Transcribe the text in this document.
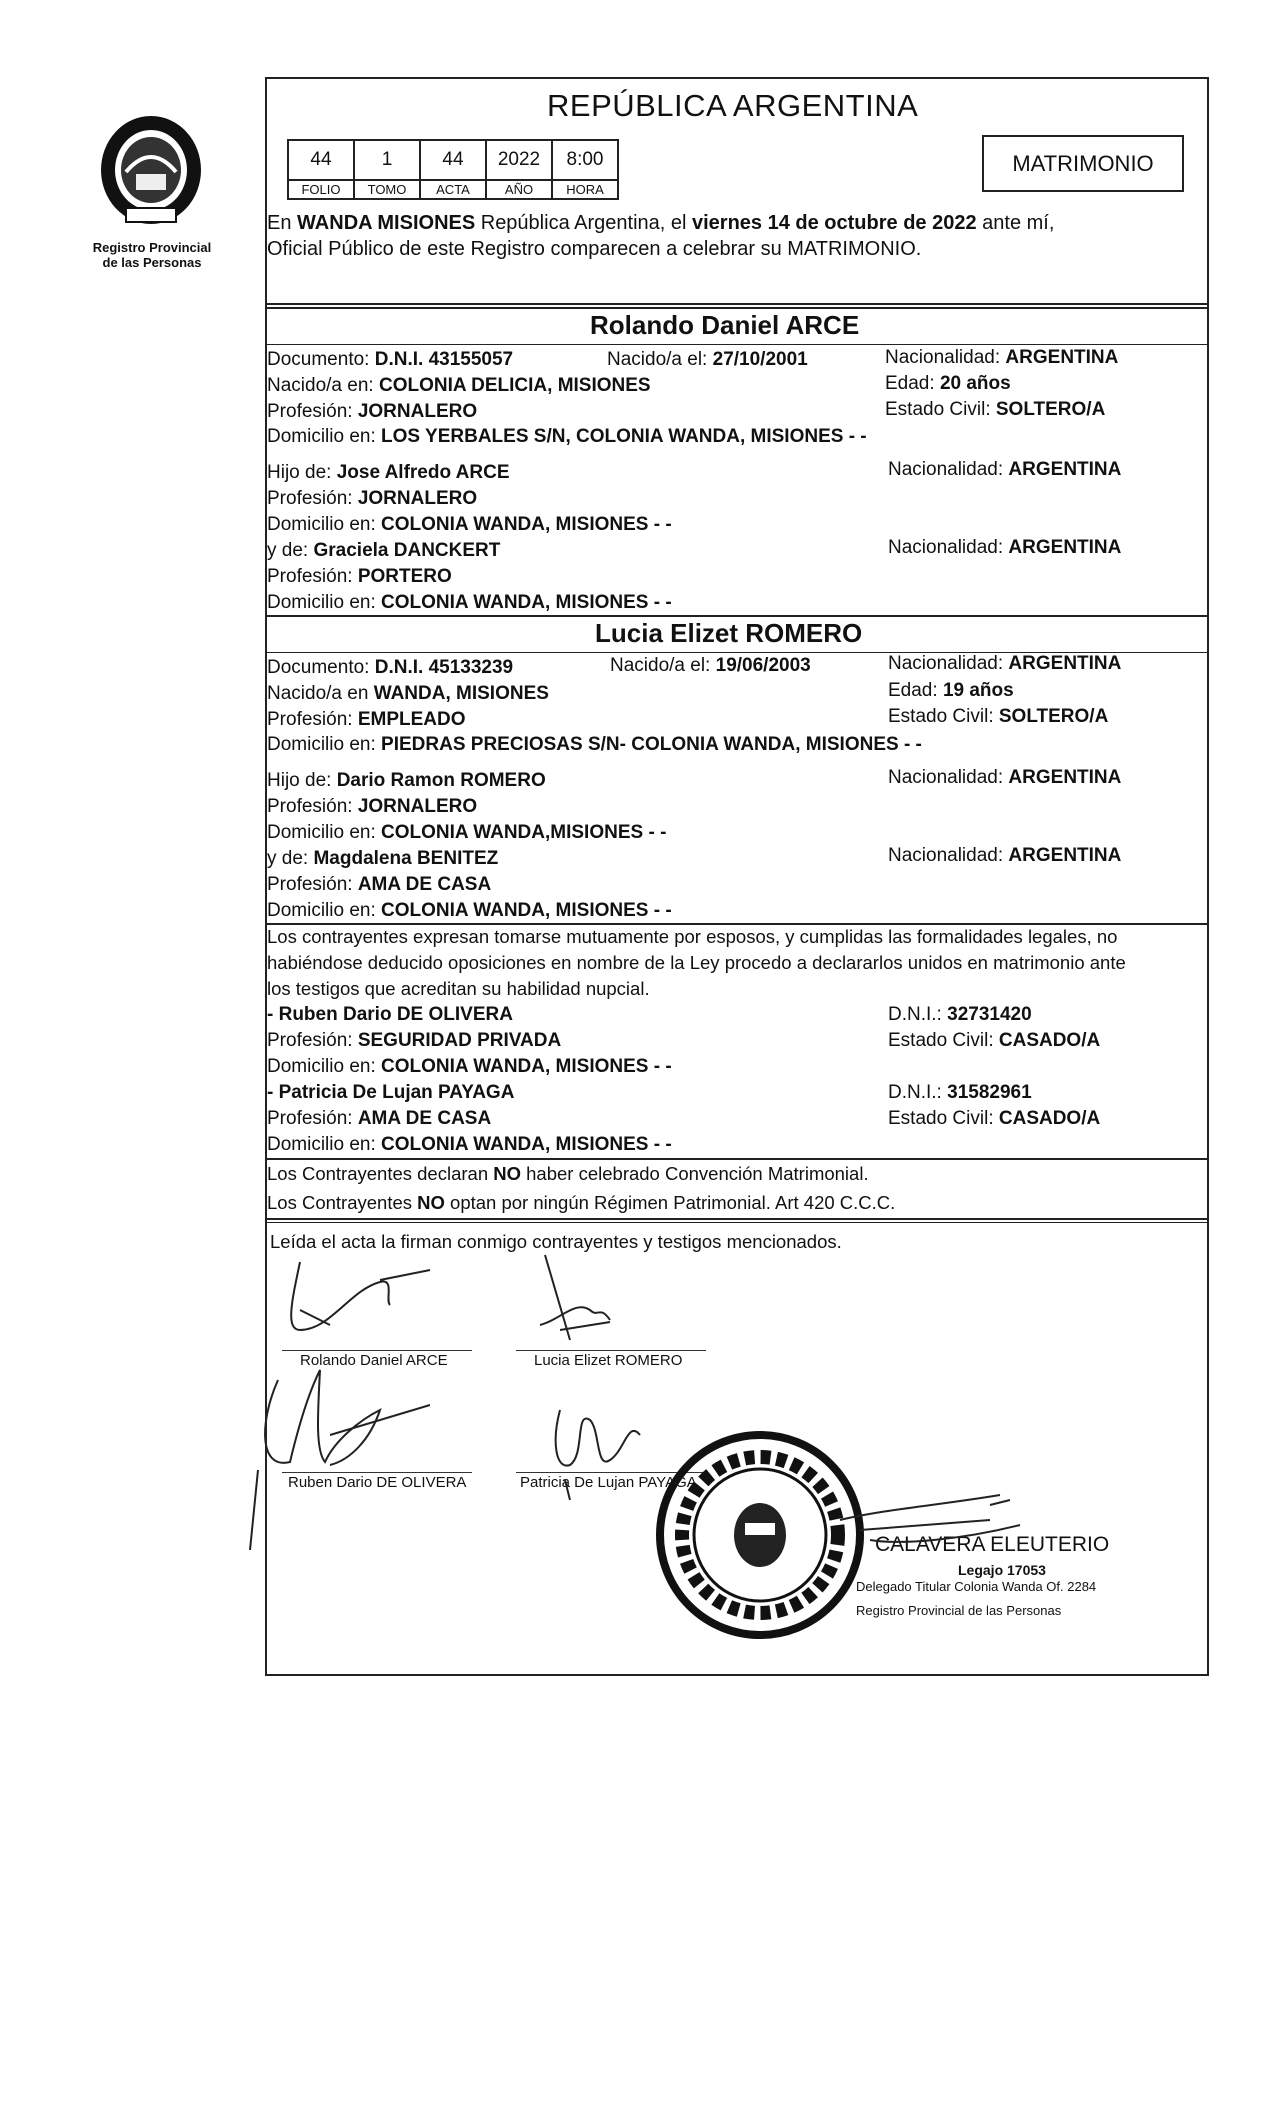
Registro Provincial
de las Personas
REPÚBLICA ARGENTINA
44	1	44	2022	8:00
FOLIO	TOMO	ACTA	AÑO	HORA
MATRIMONIO
En WANDA MISIONES República Argentina, el viernes 14 de octubre de 2022 ante mí,
Oficial Público de este Registro comparecen a celebrar su MATRIMONIO.
Rolando Daniel ARCE
Documento: D.N.I. 43155057	Nacido/a el: 27/10/2001	Nacionalidad: ARGENTINA
Nacido/a en: COLONIA DELICIA, MISIONES	Edad: 20 años
Profesión: JORNALERO	Estado Civil: SOLTERO/A
Domicilio en: LOS YERBALES S/N, COLONIA WANDA, MISIONES - -
Hijo de: Jose Alfredo ARCE	Nacionalidad: ARGENTINA
Profesión: JORNALERO
Domicilio en: COLONIA WANDA, MISIONES - -
y de: Graciela DANCKERT	Nacionalidad: ARGENTINA
Profesión: PORTERO
Domicilio en: COLONIA WANDA, MISIONES - -
Lucia Elizet ROMERO
Documento: D.N.I. 45133239	Nacido/a el: 19/06/2003	Nacionalidad: ARGENTINA
Nacido/a en WANDA, MISIONES	Edad: 19 años
Profesión: EMPLEADO	Estado Civil: SOLTERO/A
Domicilio en: PIEDRAS PRECIOSAS S/N- COLONIA WANDA, MISIONES - -
Hijo de: Dario Ramon ROMERO	Nacionalidad: ARGENTINA
Profesión: JORNALERO
Domicilio en: COLONIA WANDA,MISIONES - -
y de: Magdalena BENITEZ	Nacionalidad: ARGENTINA
Profesión: AMA DE CASA
Domicilio en: COLONIA WANDA, MISIONES - -
Los contrayentes expresan tomarse mutuamente por esposos, y cumplidas las formalidades legales, no
habiéndose deducido oposiciones en nombre de la Ley procedo a declararlos unidos en matrimonio ante
los testigos que acreditan su habilidad nupcial.
- Ruben Dario DE OLIVERA	D.N.I.: 32731420
Profesión: SEGURIDAD PRIVADA	Estado Civil: CASADO/A
Domicilio en: COLONIA WANDA, MISIONES - -
- Patricia De Lujan PAYAGA	D.N.I.: 31582961
Profesión: AMA DE CASA	Estado Civil: CASADO/A
Domicilio en: COLONIA WANDA, MISIONES - -
Los Contrayentes declaran NO haber celebrado Convención Matrimonial.
Los Contrayentes NO optan por ningún Régimen Patrimonial. Art 420 C.C.C.
Leída el acta la firman conmigo contrayentes y testigos mencionados.
Rolando Daniel ARCE	Lucia Elizet ROMERO
Ruben Dario DE OLIVERA	Patricia De Lujan PAYAGA
CALAVERA ELEUTERIO
Legajo 17053
Delegado Titular Colonia Wanda Of. 2284
Registro Provincial de las Personas
